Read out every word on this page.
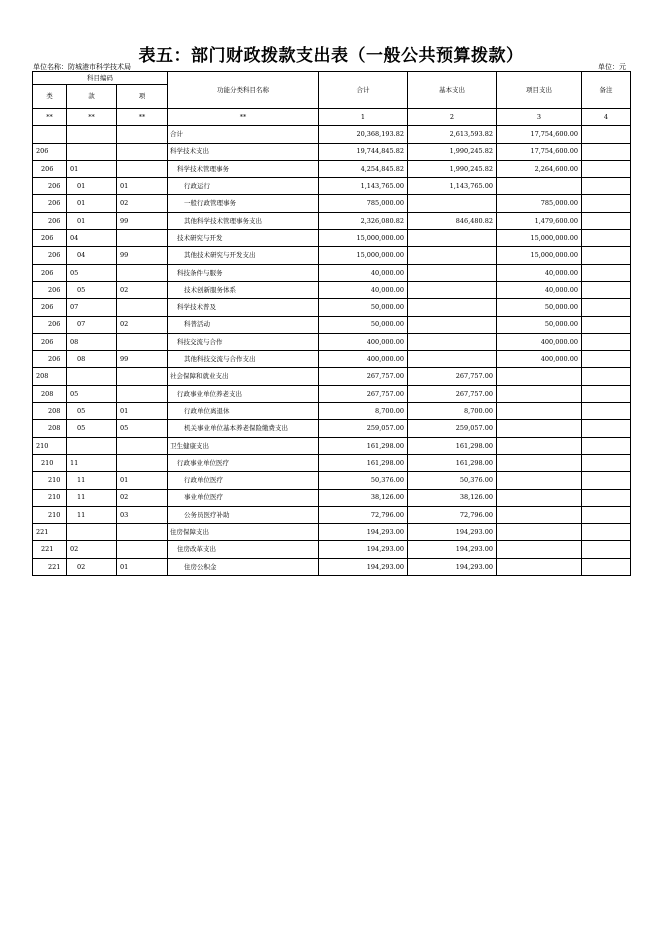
表五：部门财政拨款支出表（一般公共预算拨款）
单位名称：防城港市科学技术局	单位：元
科目编码			功能分类科目名称	合计	基本支出	项目支出	备注
类	款	项					
**	**	**	**	1	2	3	4
			合计	20,368,193.82	2,613,593.82	17,754,600.00	
206			科学技术支出	19,744,845.82	1,990,245.82	17,754,600.00	
206	01		科学技术管理事务	4,254,845.82	1,990,245.82	2,264,600.00	
206	01	01	行政运行	1,143,765.00	1,143,765.00		
206	01	02	一般行政管理事务	785,000.00		785,000.00	
206	01	99	其他科学技术管理事务支出	2,326,080.82	846,480.82	1,479,600.00	
206	04		技术研究与开发	15,000,000.00		15,000,000.00	
206	04	99	其他技术研究与开发支出	15,000,000.00		15,000,000.00	
206	05		科技条件与服务	40,000.00		40,000.00	
206	05	02	技术创新服务体系	40,000.00		40,000.00	
206	07		科学技术普及	50,000.00		50,000.00	
206	07	02	科普活动	50,000.00		50,000.00	
206	08		科技交流与合作	400,000.00		400,000.00	
206	08	99	其他科技交流与合作支出	400,000.00		400,000.00	
208			社会保障和就业支出	267,757.00	267,757.00		
208	05		行政事业单位养老支出	267,757.00	267,757.00		
208	05	01	行政单位离退休	8,700.00	8,700.00		
208	05	05	机关事业单位基本养老保险缴费支出	259,057.00	259,057.00		
210			卫生健康支出	161,298.00	161,298.00		
210	11		行政事业单位医疗	161,298.00	161,298.00		
210	11	01	行政单位医疗	50,376.00	50,376.00		
210	11	02	事业单位医疗	38,126.00	38,126.00		
210	11	03	公务员医疗补助	72,796.00	72,796.00		
221			住房保障支出	194,293.00	194,293.00		
221	02		住房改革支出	194,293.00	194,293.00		
221	02	01	住房公积金	194,293.00	194,293.00		
